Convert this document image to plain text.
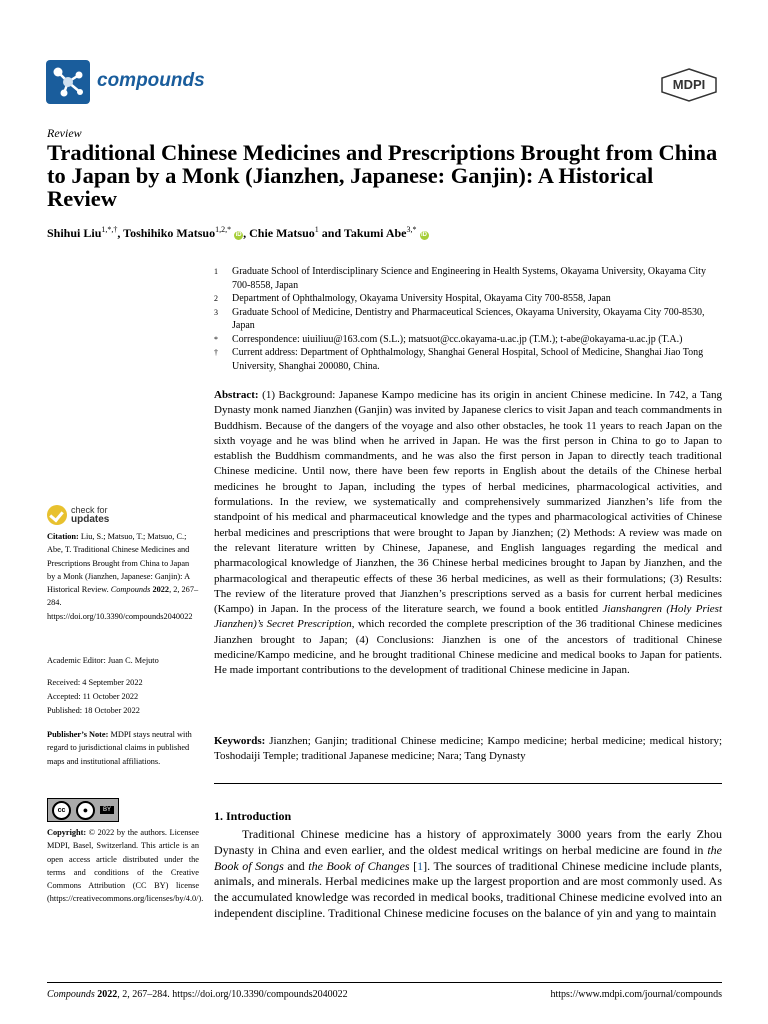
compounds	MDPI
Review
Traditional Chinese Medicines and Prescriptions Brought from China to Japan by a Monk (Jianzhen, Japanese: Ganjin): A Historical Review
Shihui Liu$^{1,*,\dagger}$, Toshihiko Matsuo$^{1,2,*}$ iD , Chie Matsuo$^1$ and Takumi Abe$^{3,*}$ iD
1	Graduate School of Interdisciplinary Science and Engineering in Health Systems, Okayama University, Okayama City 700-8558, Japan
2	Department of Ophthalmology, Okayama University Hospital, Okayama City 700-8558, Japan
3	Graduate School of Medicine, Dentistry and Pharmaceutical Sciences, Okayama University, Okayama City 700-8530, Japan
*	Correspondence: uiuiliuu@163.com (S.L.); matsuot@cc.okayama-u.ac.jp (T.M.); t-abe@okayama-u.ac.jp (T.A.)
†	Current address: Department of Ophthalmology, Shanghai General Hospital, School of Medicine, Shanghai Jiao Tong University, Shanghai 200080, China.
Abstract: (1) Background: Japanese Kampo medicine has its origin in ancient Chinese medicine. In 742, a Tang Dynasty monk named Jianzhen (Ganjin) was invited by Japanese clerics to visit Japan and teach commandments in Buddhism. Because of the dangers of the voyage and also other obstacles, he took 11 years to reach Japan on the sixth voyage and he was blind when he arrived in Japan. He was the first person in China to go to Japan to establish the Buddhism commandments, and he was also the first person in Japan to directly teach traditional Chinese medicine. Until now, there have been few reports in English about the details of the Chinese herbal medicines he brought to Japan, including the types of herbal medicines, pharmacological activities, and formulations. In the review, we systematically and comprehensively summarized Jianzhen’s life from the standpoint of his medical and pharmaceutical knowledge and the types and pharmacological activities of Chinese herbal medicines and prescriptions that were brought to Japan by Jianzhen; (2) Methods: A review was made on the relevant literature written by Chinese, Japanese, and English languages regarding the medical and pharmacological knowledge of Jianzhen, the 36 Chinese herbal medicines brought to Japan by Jianzhen, and the pharmacological and therapeutic effects of these 36 herbal medicines, as well as their formulations; (3) Results: The review of the literature proved that Jianzhen’s prescriptions served as a basis for current herbal medicines (Kampo) in Japan. In the process of the literature search, we found a book entitled Jianshangren (Holy Priest Jianzhen)’s Secret Prescription, which recorded the complete prescription of the 36 traditional Chinese medicines Jianzhen brought to Japan; (4) Conclusions: Jianzhen is one of the ancestors of traditional Chinese medicine/Kampo medicine, and he brought traditional Chinese medicine and medical books to Japan for patients. He made important contributions to the development of traditional Chinese medicine in Japan.
Keywords: Jianzhen; Ganjin; traditional Chinese medicine; Kampo medicine; herbal medicine; medical history; Toshodaiji Temple; traditional Japanese medicine; Nara; Tang Dynasty
1. Introduction
Traditional Chinese medicine has a history of approximately 3000 years from the early Zhou Dynasty in China and even earlier, and the oldest medical writings on herbal medicine are found in the Book of Songs and the Book of Changes [1]. The sources of traditional Chinese medicine include plants, animals, and minerals. Herbal medicines make up the largest proportion and are most commonly used. As the accumulated knowledge was recorded in medical books, traditional Chinese medicine evolved into an independent discipline. Traditional Chinese medicine focuses on the balance of yin and yang to maintain
check for
updates
Citation: Liu, S.; Matsuo, T.; Matsuo, C.; Abe, T. Traditional Chinese Medicines and Prescriptions Brought from China to Japan by a Monk (Jianzhen, Japanese: Ganjin): A Historical Review. Compounds 2022, 2, 267–284. https://doi.org/10.3390/compounds2040022
Academic Editor: Juan C. Mejuto
Received: 4 September 2022
Accepted: 11 October 2022
Published: 18 October 2022
Publisher’s Note: MDPI stays neutral with regard to jurisdictional claims in published maps and institutional affiliations.
cc	●	BY
Copyright: © 2022 by the authors. Licensee MDPI, Basel, Switzerland. This article is an open access article distributed under the terms and conditions of the Creative Commons Attribution (CC BY) license (https://creativecommons.org/licenses/by/4.0/).
Compounds 2022, 2, 267–284. https://doi.org/10.3390/compounds2040022	https://www.mdpi.com/journal/compounds
